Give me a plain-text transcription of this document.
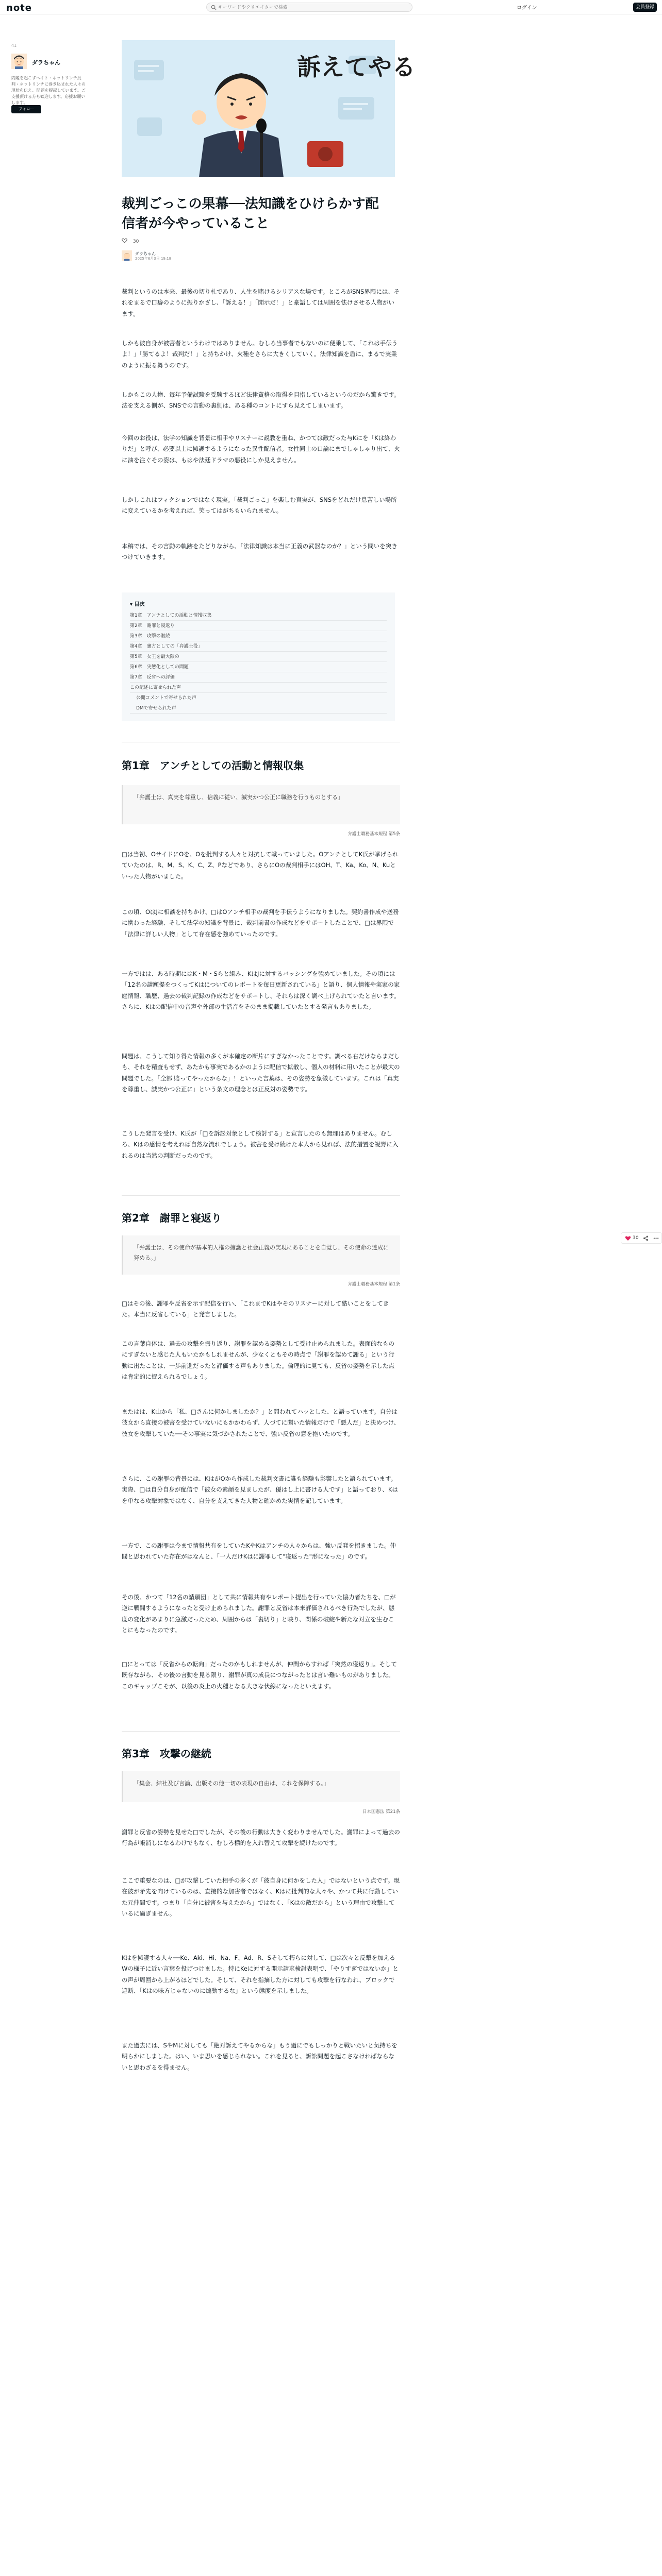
note
キーワードやクリエイターで検索	ログイン	会員登録
41
ダラちゃん
問題を起こすヘイト・ネットリンチ批判・ネットリンチに巻き込まれた人々の現状を伝え、問題を提起しています。ご支援頂ける方も歓迎します。応援お願いします。
フォロー
訴えてやる
裁判ごっこの果幕──法知識をひけらかす配信者が今やっていること
30
ダラちゃん
2025年6月3日 19:18

裁判というのは本来、最後の切り札であり、人生を賭けるシリアスな場です。ところがSNS界隈には、それをまるで口癖のように振りかざし、「訴える！」「開示だ！」と豪語しては周囲を怯けさせる人物がいます。

しかも彼自身が被害者というわけではありません。むしろ当事者でもないのに便乗して、「これは手伝うよ！」「勝てるよ！裁判だ！」と持ちかけ、火種をさらに大きくしていく。法律知識を盾に、まるで実業のように振る舞うのです。

しかもこの人物、毎年予備試験を受験するほど法律資格の取得を目指しているというのだから驚きです。法を支える側が、SNSでの言動の裏側は、ある種のコントにすら見えてしまいます。

今回のお役は、法学の知識を背景に相手やリスナーに説教を重ね、かつては敵だった与Kにを「Kは終わりだ」と呼び、必要以上に擁護するようになった異性配信者。女性同士の口論にまでしゃしゃり出て、火に油を注ぐその姿は、もはや法廷ドラマの悪役にしか見えません。

しかしこれはフィクションではなく現実。「裁判ごっこ」を楽しむ真実が、SNSをどれだけ息苦しい場所に変えているかを考えれば、笑ってはがちもいられません。

本稿では、その言動の軌跡をたどりながら、「法律知識は本当に正義の武器なのか？」という問いを突きつけていきます。

▾ 目次
第1章　アンチとしての活動と情報収集
第2章　謝罪と寝返り
第3章　攻撃の継続
第4章　裏方としての「弁護士役」
第5章　女王を最大限の
第6章　実態化としての問題
第7章　反省への評価
この記述に寄せられた声
公開コメントで寄せられた声
DMで寄せられた声
第1章　アンチとしての活動と情報収集
「弁護士は、真実を尊重し、信義に従い、誠実かつ公正に職務を行うものとする」
弁護士職務基本規程 第5条

□は当初、OサイドにOを、Oを批判する人々と対抗して戦っていました。OアンチとしてK氏が挙げられていたのは、R、M、S、K、C、Z、Pなどであり、さらにOの裁判相手にはOH、T、Ka、Ko、N、Kuといった人物がいました。

この頃、OはJに相談を持ちかけ、□はOアンチ相手の裁判を手伝うようになりました。契約書作成や送務に携わった経験、そして法学の知識を背景に、裁判前書の作成などをサポートしたことで、□は界隈で「法律に詳しい人物」として存在感を強めていったのです。

一方ではは、ある時期にはK・M・Sらと組み、KはJに対するバッシングを強めていました。その頃には「12名の請願提をつくってKはについてのレポートを毎日更新されている」と語り、個人情報や実家の家庭情報、職歴、過去の裁判記録の作成などをサポートし、それらは深く調べ上げられていたと言います。さらに、Kはの配信中の音声や外部の生活音をそのまま掲載していたとする発言もありました。

問題は、こうして知り得た情報の多くが本確定の断片にすぎなかったことです。調べる右だけならまだしも、それを精査もせず、あたかも事実であるかのように配信で拡散し、個人の材料に用いたことが最大の問題でした。「全部 賠ってやったからな」！といった言葉は、その姿勢を象徴しています。これは「真実を尊重し、誠実かつ公正に」という条文の理念とは正反対の姿勢です。

こうした発言を受け、K氏が「□を訴訟対象として検討する」と宣言したのも無理はありません。むしろ、Kはの感情を考えれば自然な流れでしょう。被害を受け続けた本人から見れば、法的措置を視野に入れるのは当然の判断だったのです。

第2章　謝罪と寝返り
「弁護士は、その使命が基本的人権の擁護と社会正義の実現にあることを自覚し、その使命の達成に努める。」
弁護士職務基本規程 第1条

□はその後、謝罪や反省を示す配信を行い、「これまでKはやそのリスナーに対して酷いことをしてきた。本当に反省している」と発言しました。

この言葉自体は、過去の攻撃を振り返り、謝罪を認める姿勢として受け止められました。表面的なものにすぎないと感じた人もいたかもしれませんが、少なくともその時点で「謝罪を認めて謝る」という行動に出たことは、一歩前進だったと評価する声もありました。倫理的に見ても、反省の姿勢を示した点は肯定的に捉えられるでしょう。

またはは、K山から「私、□さんに何かしましたか？」と問われてハッとした、と語っています。自分は彼女から直接の被害を受けていないにもかかわらず、人づてに聞いた情報だけで「悪人だ」と決めつけ、彼女を攻撃していた──その事実に気づかされたことで、強い反省の意を抱いたのです。

さらに、この謝罪の背景には、KはがOから作成した裁判文書に誰も経験も影響したと語られています。実際、□は自分自身が配信で「彼女の素顔を見ましたが、優はし上に書ける人です」と語っており、Kはを単なる攻撃対象ではなく、自分を支えてきた人物と確かめた実情を記しています。

一方で、この謝罪は今まで情報共有をしていたKやKはアンチの人々からは、強い反発を招きました。仲間と思われていた存在がはなんと、「一人だけKはに謝罪して"寝返った"形になった」のです。

その後、かつて「12名の請願団」として共に情報共有やレポート提出を行っていた協力者たちを、□が逆に戦闘するようになったと受け止められました。謝罪と反省は本来評価されるべき行為でしたが、態度の変化があまりに急激だったため、周囲からは「裏切り」と映り、関係の破綻や新たな対立を生むことにもなったのです。

□にとっては「反省からの転向」だったのかもしれませんが、仲間からすれば「突然の寝返り」。そして既存ながら、その後の言動を見る限り、謝罪が真の成長につながったとは言い難いものがありました。このギャップこそが、以後の炎上の火種となる大きな伏線になったといえます。

第3章　攻撃の継続
「集会、結社及び言論、出版その他一切の表現の自由は、これを保障する。」
日本国憲法 第21条

謝罪と反省の姿勢を見せた□でしたが、その後の行動は大きく変わりませんでした。謝罪によって過去の行為が帳消しになるわけでもなく、むしろ標的を入れ替えて攻撃を続けたのです。

ここで重要なのは、□が攻撃していた相手の多くが「彼自身に何かをした人」ではないという点です。現在彼が矛先を向けているのは、直接的な加害者ではなく、Kはに批判的な人々や、かつて共に行動していた元仲間です。つまり「自分に被害を与えたから」ではなく、「Kはの敵だから」という理由で攻撃しているに過ぎません。

Kはを擁護する人々──Ke、Aki、Hi、Na、F、Ad、R、Sそして朽らに対して、□は次々と反撃を加えるWの様子に近い言葉を投げつけました。特にKeに対する開示請求検討表明で、「やりすぎではないか」との声が周囲から上がるほどでした。そして、それを指摘した方に対しても攻撃を行なわれ、ブロックで遮断、「Kはの味方じゃないのに煽動するな」という態度を示しました。

また過去には、SやMに対しても「絶対訴えてやるからな」もう過にでもしっかりと戦いたいと気持ちを明らかにしました。はい、いま思いを感じられない。これを見ると、訴訟問題を起こさなければならないと思わざるを得ません。

30
